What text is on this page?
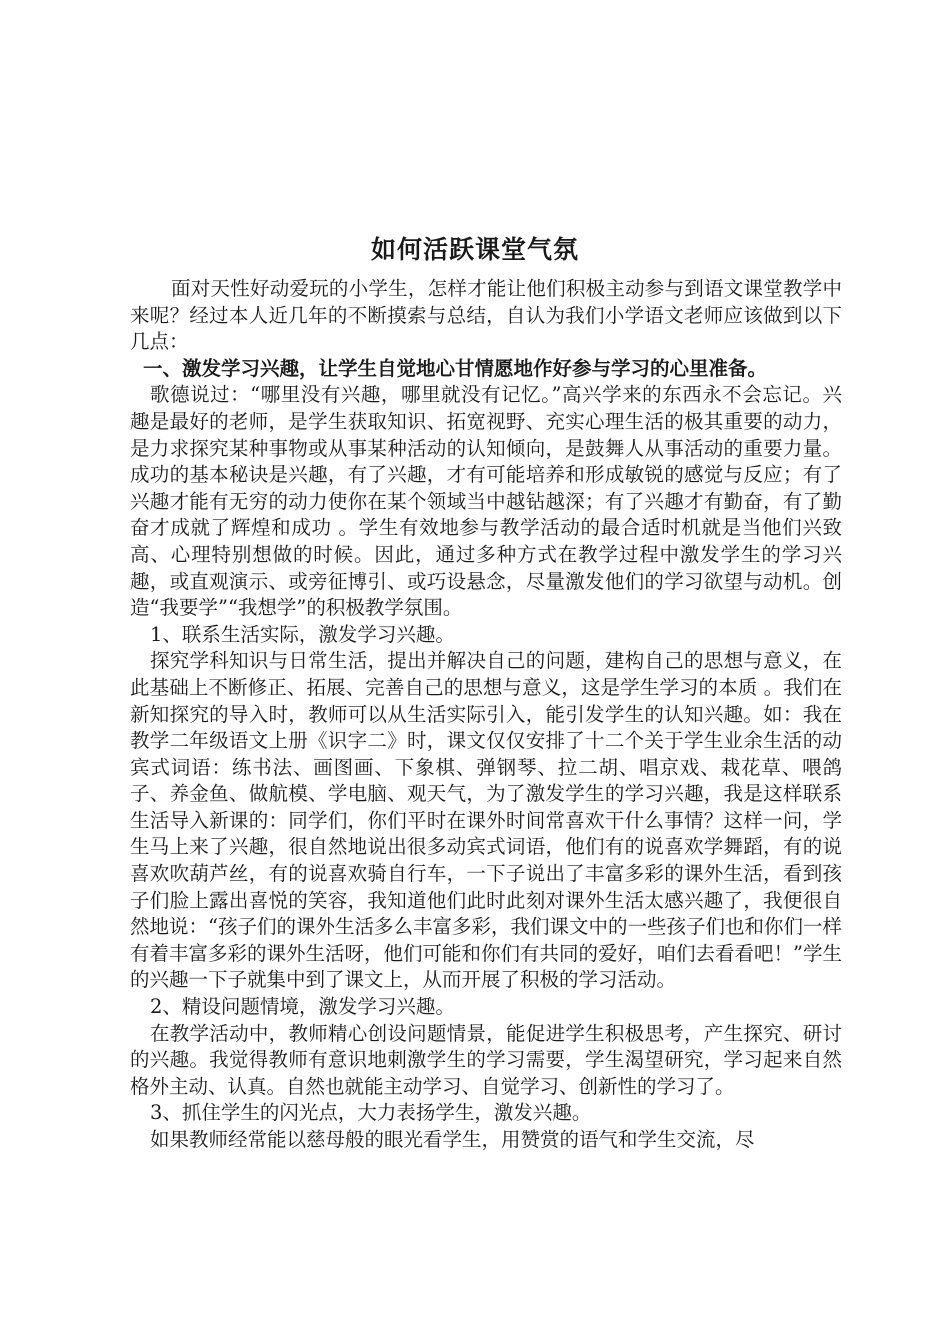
如何活跃课堂气氛

面对天性好动爱玩的小学生，怎样才能让他们积极主动参与到语文课堂教学中来呢？经过本人近几年的不断摸索与总结，自认为我们小学语文老师应该做到以下几点：

一、激发学习兴趣，让学生自觉地心甘情愿地作好参与学习的心里准备。

歌德说过：“哪里没有兴趣，哪里就没有记忆。”高兴学来的东西永不会忘记。兴趣是最好的老师，是学生获取知识、拓宽视野、充实心理生活的极其重要的动力，是力求探究某种事物或从事某种活动的认知倾向，是鼓舞人从事活动的重要力量。成功的基本秘诀是兴趣，有了兴趣，才有可能培养和形成敏锐的感觉与反应；有了兴趣才能有无穷的动力使你在某个领域当中越钻越深；有了兴趣才有勤奋，有了勤奋才成就了辉煌和成功 。学生有效地参与教学活动的最合适时机就是当他们兴致高、心理特别想做的时候。因此，通过多种方式在教学过程中激发学生的学习兴趣，或直观演示、或旁征博引、或巧设悬念，尽量激发他们的学习欲望与动机。创造“我要学”“我想学”的积极教学氛围。

1、联系生活实际，激发学习兴趣。

探究学科知识与日常生活，提出并解决自己的问题，建构自己的思想与意义，在此基础上不断修正、拓展、完善自己的思想与意义，这是学生学习的本质 。我们在新知探究的导入时，教师可以从生活实际引入，能引发学生的认知兴趣。如：我在教学二年级语文上册《识字二》时，课文仅仅安排了十二个关于学生业余生活的动宾式词语：练书法、画图画、下象棋、弹钢琴、拉二胡、唱京戏、栽花草、喂鸽子、养金鱼、做航模、学电脑、观天气，为了激发学生的学习兴趣，我是这样联系生活导入新课的：同学们，你们平时在课外时间常喜欢干什么事情？这样一问，学生马上来了兴趣，很自然地说出很多动宾式词语，他们有的说喜欢学舞蹈，有的说喜欢吹葫芦丝，有的说喜欢骑自行车，一下子说出了丰富多彩的课外生活，看到孩子们脸上露出喜悦的笑容，我知道他们此时此刻对课外生活太感兴趣了，我便很自然地说：“孩子们的课外生活多么丰富多彩，我们课文中的一些孩子们也和你们一样有着丰富多彩的课外生活呀，他们可能和你们有共同的爱好，咱们去看看吧！”学生的兴趣一下子就集中到了课文上，从而开展了积极的学习活动。

2、精设问题情境，激发学习兴趣。

在教学活动中，教师精心创设问题情景，能促进学生积极思考，产生探究、研讨的兴趣。我觉得教师有意识地刺激学生的学习需要，学生渴望研究，学习起来自然格外主动、认真。自然也就能主动学习、自觉学习、创新性的学习了。

3、抓住学生的闪光点，大力表扬学生，激发兴趣。

如果教师经常能以慈母般的眼光看学生，用赞赏的语气和学生交流，尽
